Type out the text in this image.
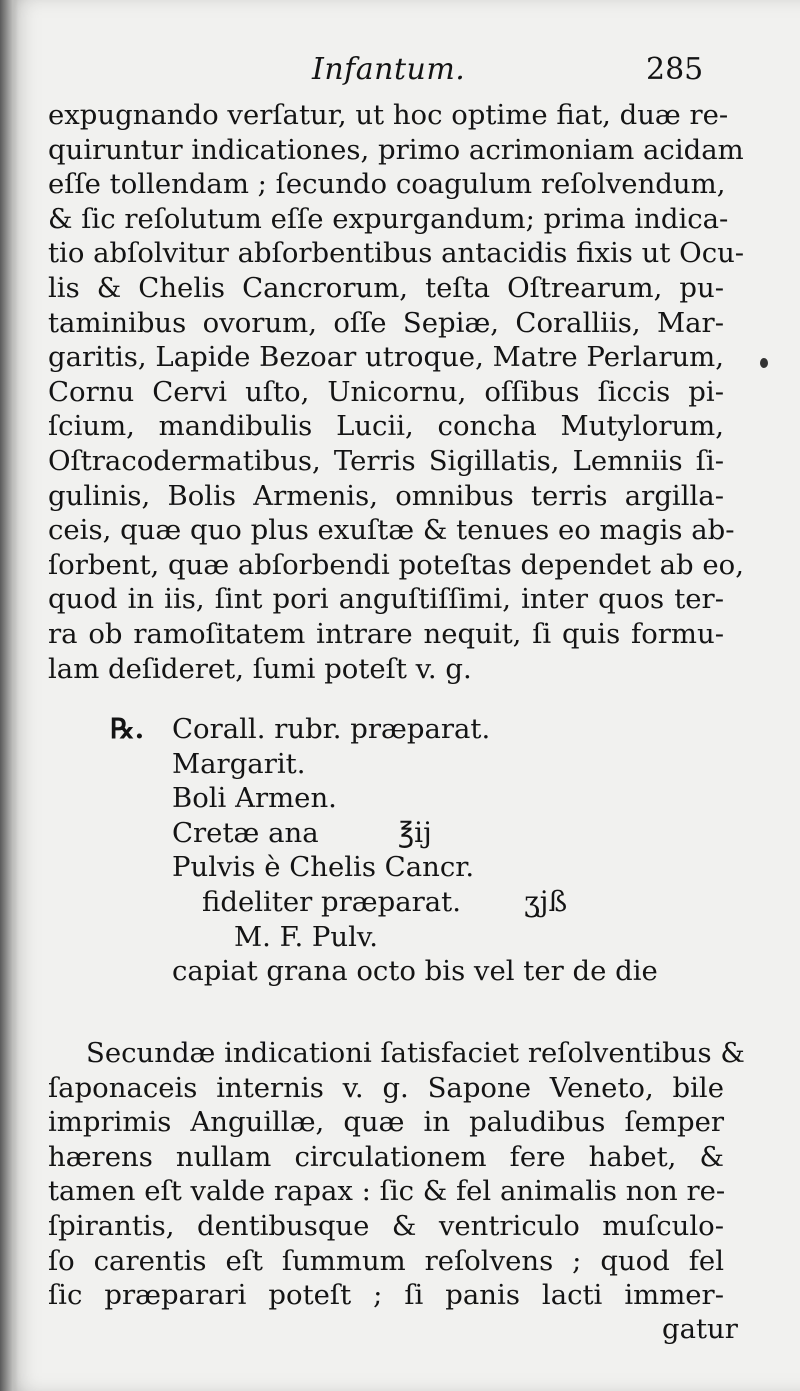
Infantum.	285
expugnando verſatur, ut hoc optime fiat, duæ re-
quiruntur indicationes, primo acrimoniam acidam
eſſe tollendam ; ſecundo coagulum reſolvendum,
& ſic reſolutum eſſe expurgandum; prima indica-
tio abſolvitur abſorbentibus antacidis fixis ut Ocu-
lis & Chelis Cancrorum, teſta Oſtrearum, pu-
taminibus ovorum, oſſe Sepiæ, Coralliis, Mar-
garitis, Lapide Bezoar utroque, Matre Perlarum,
Cornu Cervi uſto, Unicornu, oſſibus ſiccis pi-
ſcium, mandibulis Lucii, concha Mutylorum,
Oſtracodermatibus, Terris Sigillatis, Lemniis ſi-
gulinis, Bolis Armenis, omnibus terris argilla-
ceis, quæ quo plus exuſtæ & tenues eo magis ab-
ſorbent, quæ abſorbendi poteſtas dependet ab eo,
quod in iis, ſint pori anguſtiſſimi, inter quos ter-
ra ob ramoſitatem intrare nequit, ſi quis formu-
lam deſideret, ſumi poteſt v. g.
℞. Corall. rubr. præparat.
Margarit.
Boli Armen.
Cretæ ana	℥ij
Pulvis è Chelis Cancr.
fideliter præparat. ʒjß
M. F. Pulv.
capiat grana octo bis vel ter de die
Secundæ indicationi ſatisfaciet reſolventibus &
ſaponaceis internis v. g. Sapone Veneto, bile
imprimis Anguillæ, quæ in paludibus ſemper
hærens nullam circulationem fere habet, &
tamen eſt valde rapax : ſic & fel animalis non re-
ſpirantis, dentibusque & ventriculo muſculo-
ſo carentis eſt ſummum reſolvens ; quod fel
ſic præparari poteſt ; ſi panis lacti immer-
gatur
